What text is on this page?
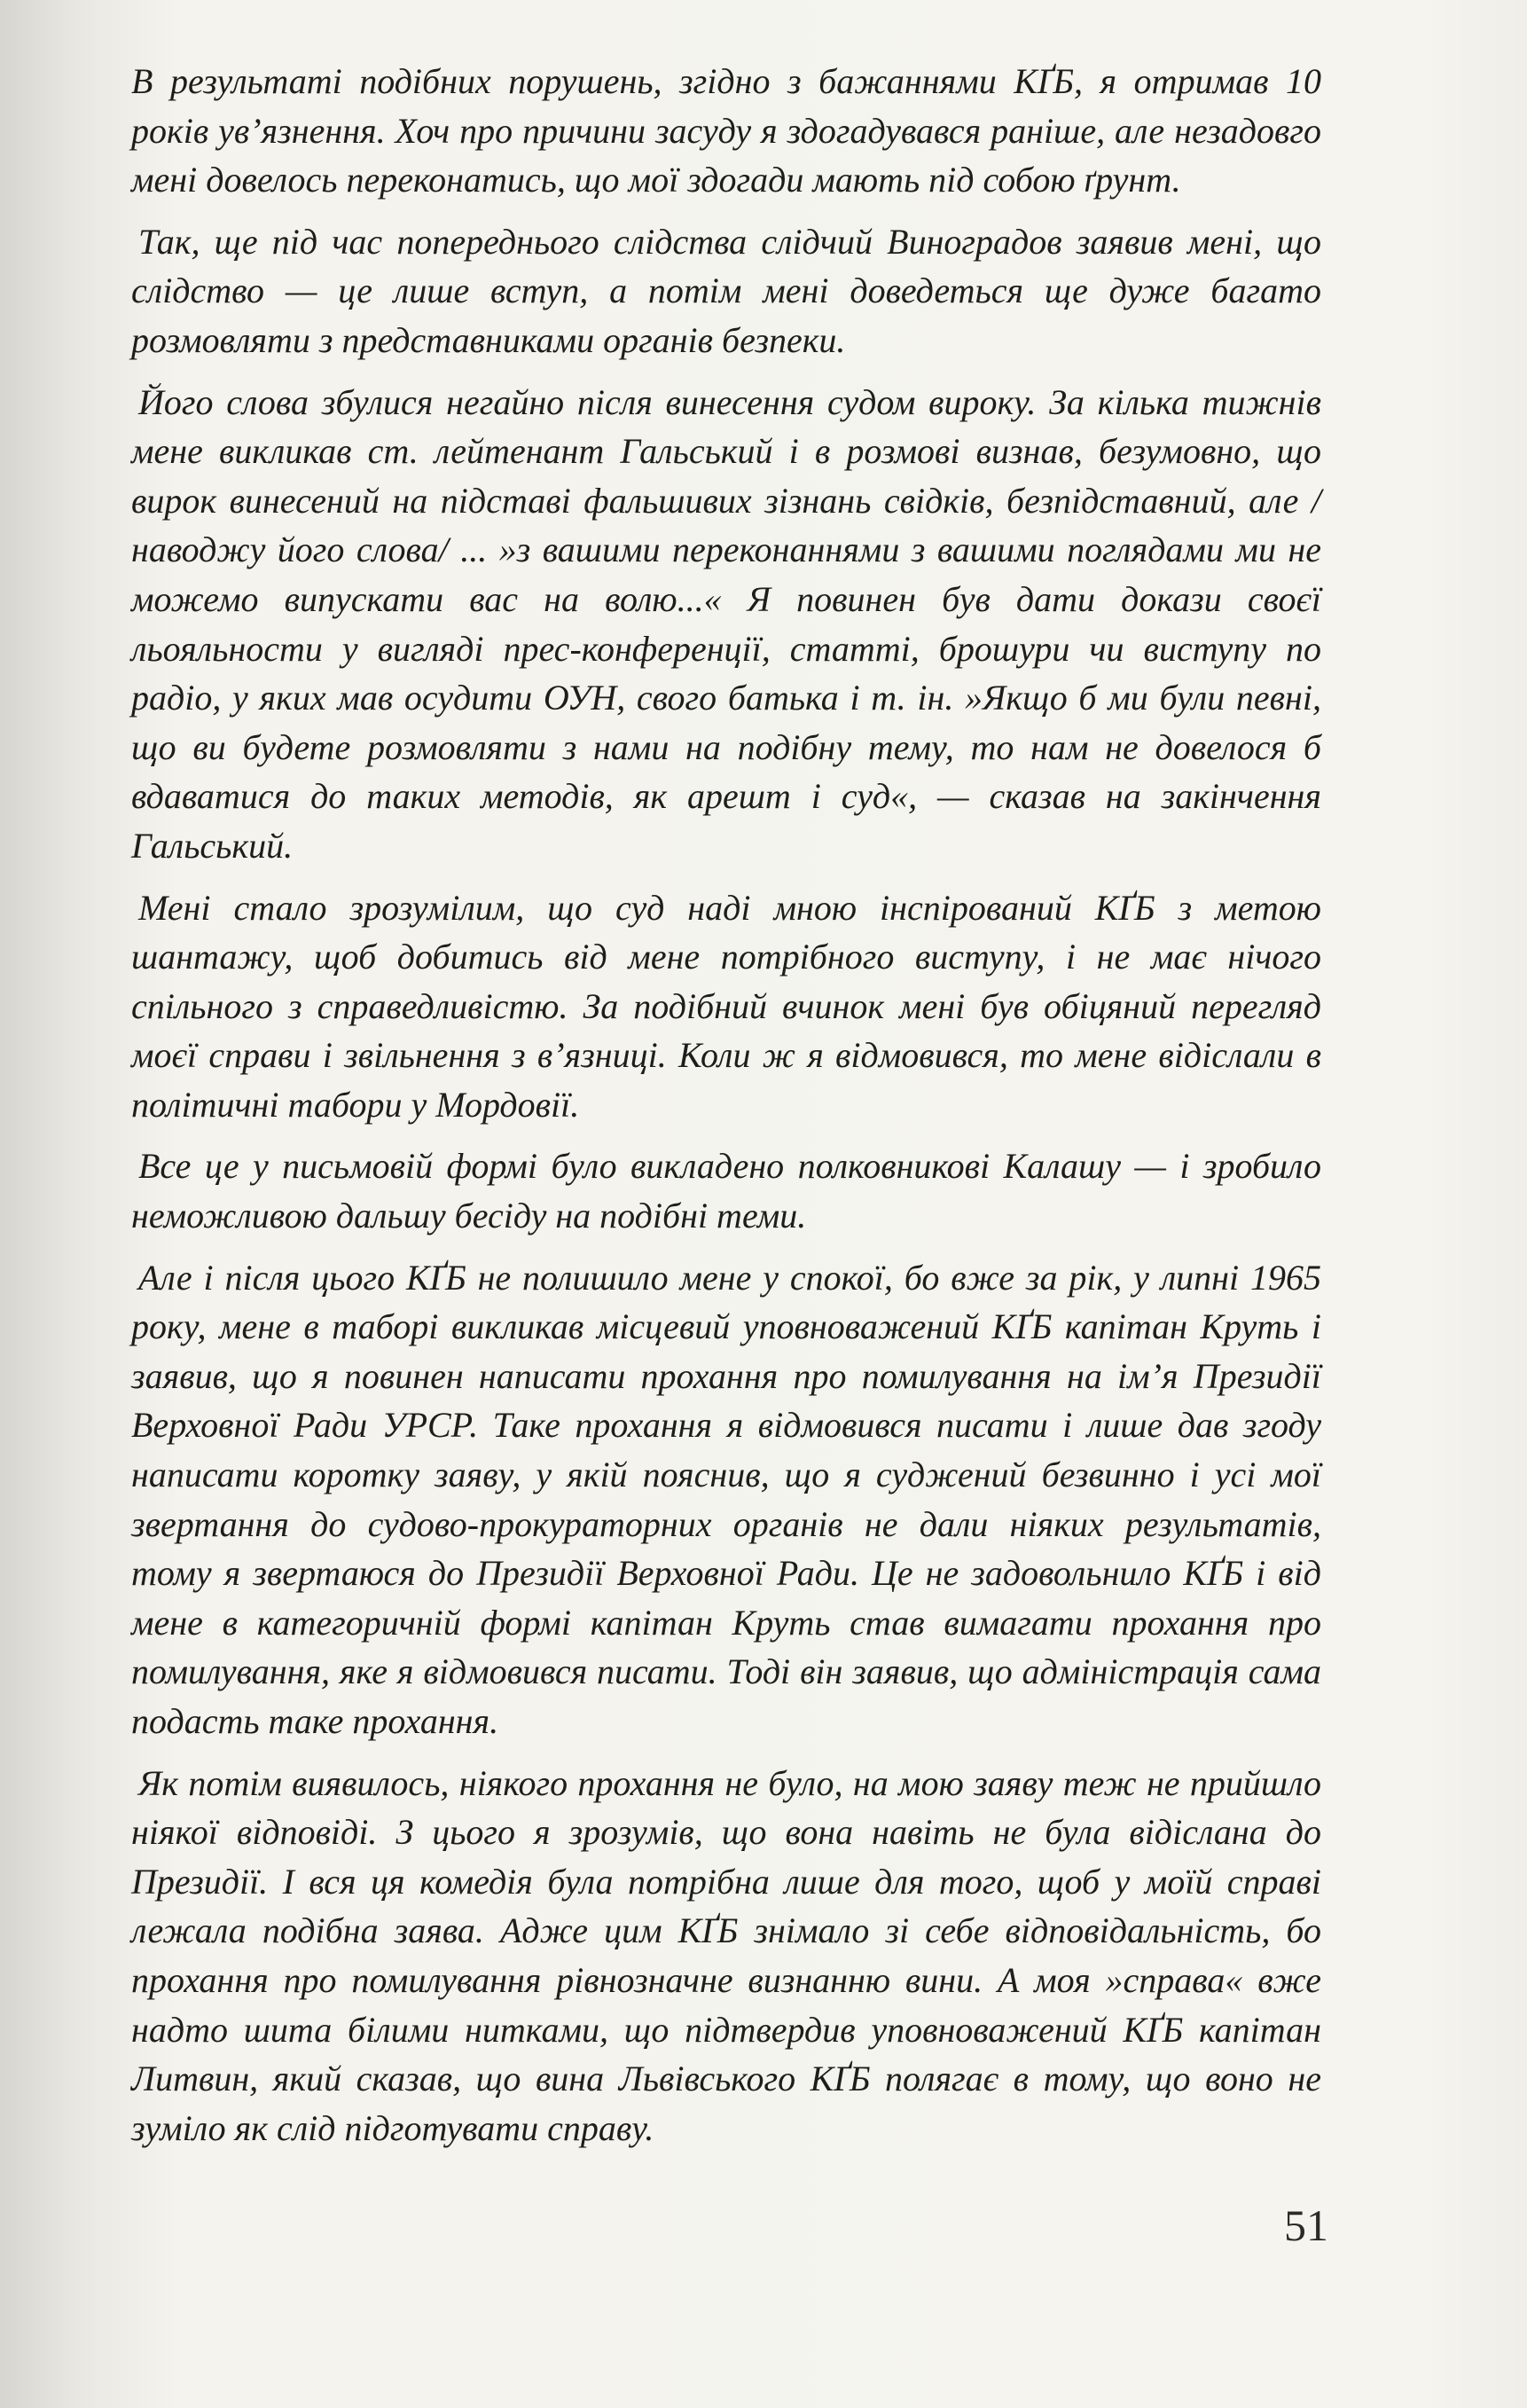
В результаті подібних порушень, згідно з бажаннями КҐБ, я отримав 10 років ув’язнення. Хоч про причини засуду я здогадувався раніше, але незадовго мені довелось переконатись, що мої здогади мають під собою ґрунт.

Так, ще під час попереднього слідства слідчий Виноградов заявив мені, що слідство — це лише вступ, а потім мені доведеться ще дуже багато розмовляти з представниками органів безпеки.

Його слова збулися негайно після винесення судом вироку. За кілька тижнів мене викликав ст. лейтенант Гальський і в розмові визнав, безумовно, що вирок винесений на підставі фальшивих зізнань свідків, безпідставний, але /наводжу його слова/ ... »з вашими переконаннями з вашими поглядами ми не можемо випускати вас на волю...« Я повинен був дати докази своєї льояльности у вигляді прес-конференції, статті, брошури чи виступу по радіо, у яких мав осудити ОУН, свого батька і т. ін. »Якщо б ми були певні, що ви будете розмовляти з нами на подібну тему, то нам не довелося б вдаватися до таких методів, як арешт і суд«, — сказав на закінчення Гальський.

Мені стало зрозумілим, що суд наді мною інспірований КҐБ з метою шантажу, щоб добитись від мене потрібного виступу, і не має нічого спільного з справедливістю. За подібний вчинок мені був обіцяний перегляд моєї справи і звільнення з в’язниці. Коли ж я відмовився, то мене відіслали в політичні табори у Мордовії.

Все це у письмовій формі було викладено полковникові Калашу — і зробило неможливою дальшу бесіду на подібні теми.

Але і після цього КҐБ не полишило мене у спокої, бо вже за рік, у липні 1965 року, мене в таборі викликав місцевий уповноважений КҐБ капітан Круть і заявив, що я повинен написати прохання про помилування на ім’я Президії Верховної Ради УРСР. Таке прохання я відмовився писати і лише дав згоду написати коротку заяву, у якій пояснив, що я суджений безвинно і усі мої звертання до судово-прокураторних органів не дали ніяких результатів, тому я звертаюся до Президії Верховної Ради. Це не задовольнило КҐБ і від мене в категоричній формі капітан Круть став вимагати прохання про помилування, яке я відмовився писати. Тоді він заявив, що адміністрація сама подасть таке прохання.

Як потім виявилось, ніякого прохання не було, на мою заяву теж не прийшло ніякої відповіді. З цього я зрозумів, що вона навіть не була відіслана до Президії. І вся ця комедія була потрібна лише для того, щоб у моїй справі лежала подібна заява. Адже цим КҐБ знімало зі себе відповідальність, бо прохання про помилування рівнозначне визнанню вини. А моя »справа« вже надто шита білими нитками, що підтвердив уповноважений КҐБ капітан Литвин, який сказав, що вина Львівського КҐБ полягає в тому, що воно не зуміло як слід підготувати справу.

51
